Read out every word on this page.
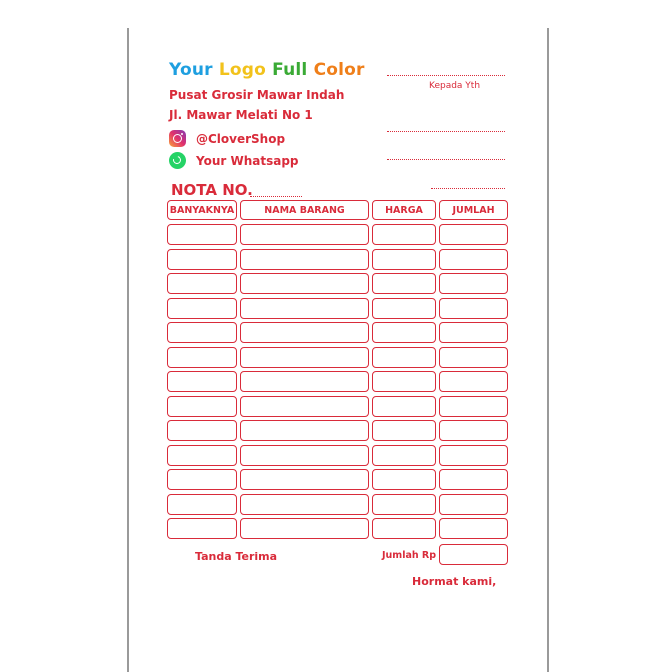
Your Logo Full Color
Pusat Grosir Mawar Indah
Jl. Mawar Melati No 1
@CloverShop
Your Whatsapp
Kepada Yth
NOTA NO.
BANYAKNYA	NAMA BARANG	HARGA	JUMLAH
Tanda Terima	Jumlah Rp
Hormat kami,
